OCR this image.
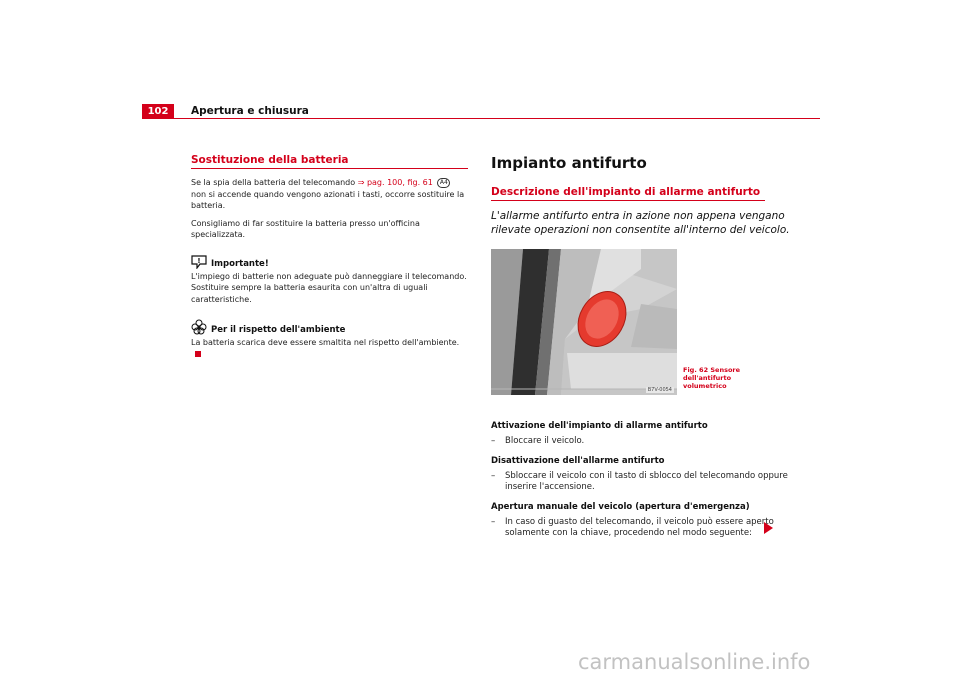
102	Apertura e chiusura
Sostituzione della batteria

Se la spia della batteria del telecomando ⇒ pag. 100, fig. 61 A4 non si accende quando vengono azionati i tasti, occorre sostituire la batteria.

Consigliamo di far sostituire la batteria presso un'officina specializzata.

! Importante!

L'impiego di batterie non adeguate può danneggiare il telecomando. Sostituire sempre la batteria esaurita con un'altra di uguali caratteristiche.

Per il rispetto dell'ambiente

La batteria scarica deve essere smaltita nel rispetto dell'ambiente.

Impianto antifurto
Descrizione dell'impianto di allarme antifurto

L'allarme antifurto entra in azione non appena vengano rilevate operazioni non consentite all'interno del veicolo.

B7V-0054
Fig. 62 Sensore dell'antifurto volumetrico
Attivazione dell'impianto di allarme antifurto
–	Bloccare il veicolo.
Disattivazione dell'allarme antifurto
–	Sbloccare il veicolo con il tasto di sblocco del telecomando oppure inserire l'accensione.
Apertura manuale del veicolo (apertura d'emergenza)
–	In caso di guasto del telecomando, il veicolo può essere aperto solamente con la chiave, procedendo nel modo seguente:
carmanualsonline.info
